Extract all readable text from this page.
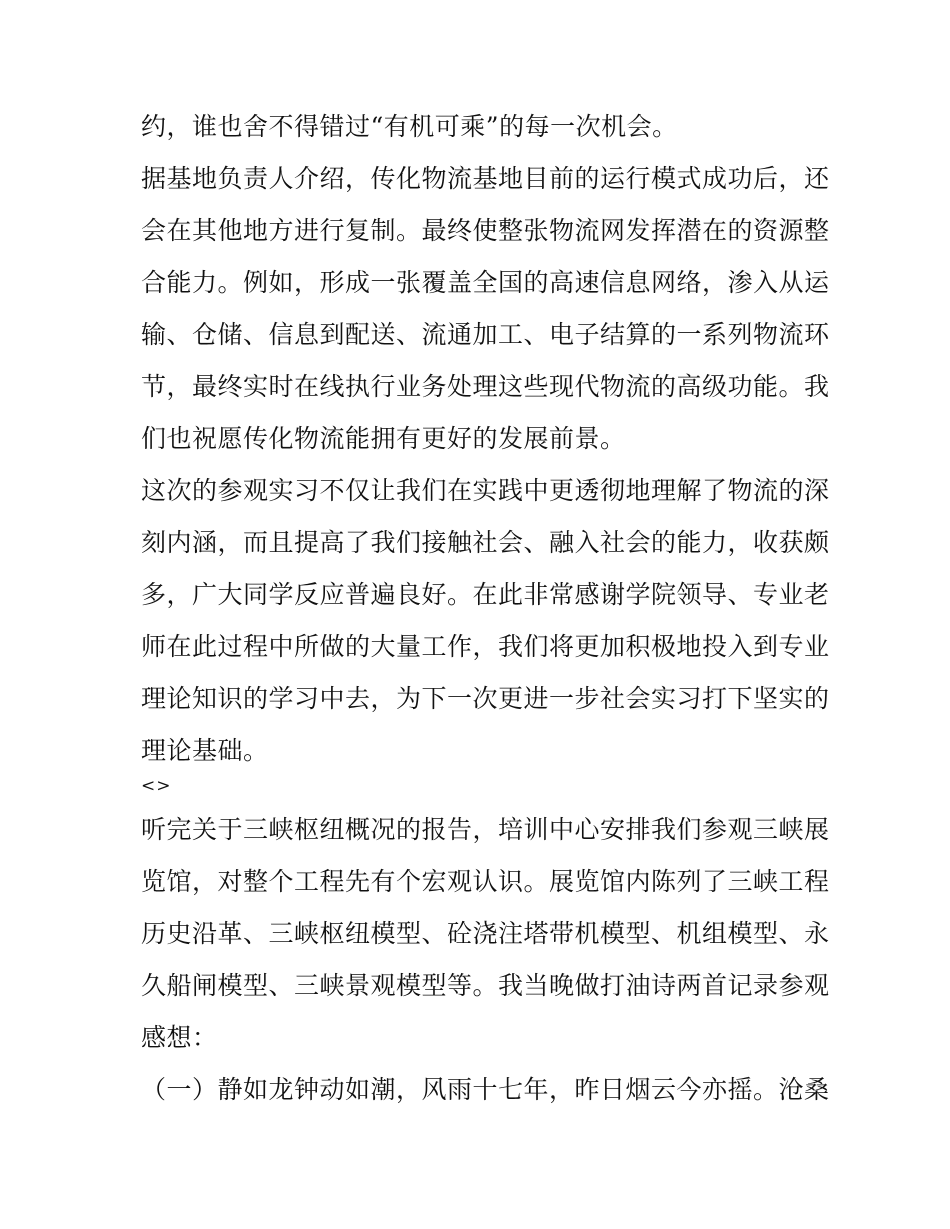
约，谁也舍不得错过“有机可乘”的每一次机会。
据基地负责人介绍，传化物流基地目前的运行模式成功后，还
会在其他地方进行复制。最终使整张物流网发挥潜在的资源整
合能力。例如，形成一张覆盖全国的高速信息网络，渗入从运
输、仓储、信息到配送、流通加工、电子结算的一系列物流环
节，最终实时在线执行业务处理这些现代物流的高级功能。我
们也祝愿传化物流能拥有更好的发展前景。
这次的参观实习不仅让我们在实践中更透彻地理解了物流的深
刻内涵，而且提高了我们接触社会、融入社会的能力，收获颇
多，广大同学反应普遍良好。在此非常感谢学院领导、专业老
师在此过程中所做的大量工作，我们将更加积极地投入到专业
理论知识的学习中去，为下一次更进一步社会实习打下坚实的
理论基础。
<>
听完关于三峡枢纽概况的报告，培训中心安排我们参观三峡展
览馆，对整个工程先有个宏观认识。展览馆内陈列了三峡工程
历史沿革、三峡枢纽模型、砼浇注塔带机模型、机组模型、永
久船闸模型、三峡景观模型等。我当晚做打油诗两首记录参观
感想：
（一）静如龙钟动如潮，风雨十七年，昨日烟云今亦摇。沧桑
